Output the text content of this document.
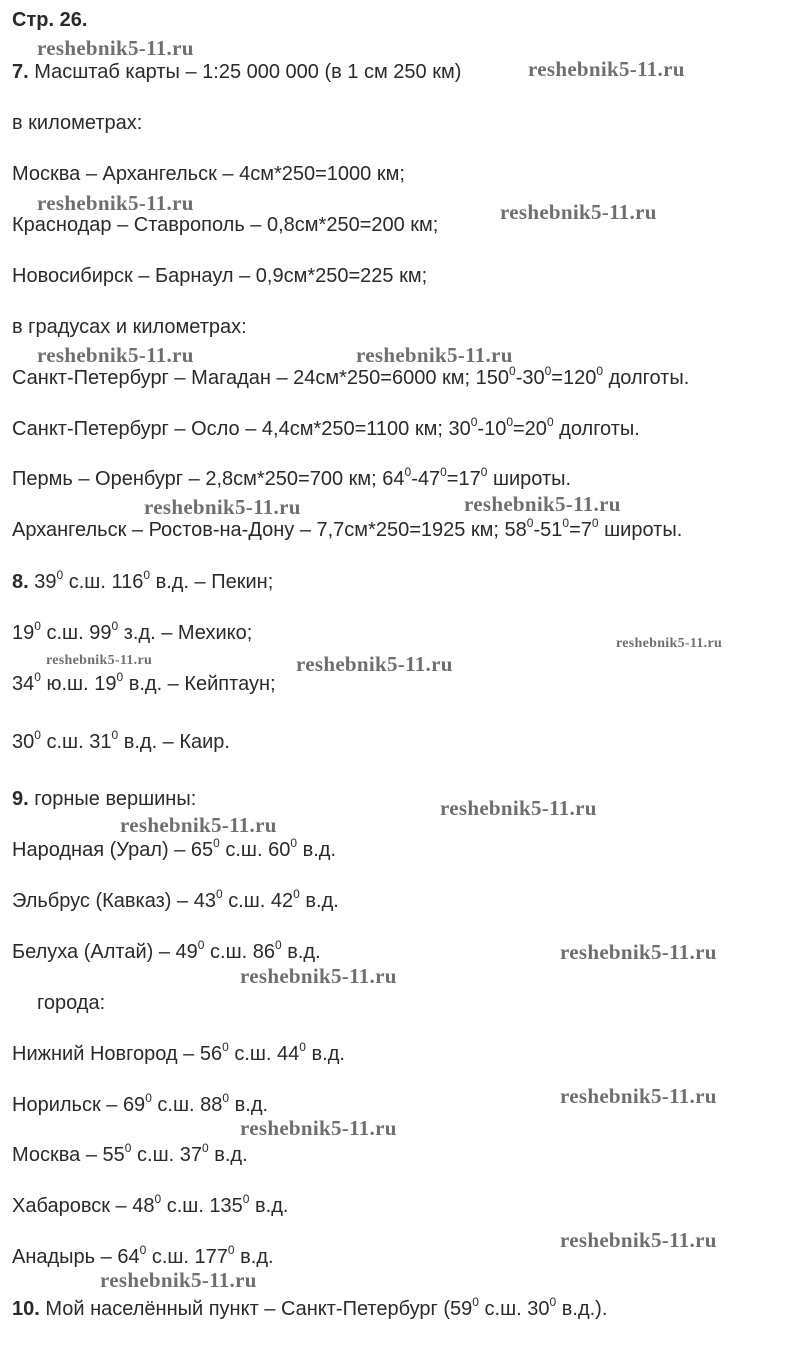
Стр. 26.
7. Масштаб карты – 1:25 000 000 (в 1 см 250 км)
в километрах:
Москва – Архангельск – 4см*250=1000 км;
Краснодар – Ставрополь – 0,8см*250=200 км;
Новосибирск – Барнаул – 0,9см*250=225 км;
в градусах и километрах:
Санкт-Петербург – Магадан – 24см*250=6000 км; $150^0-30^0=120^0$ долготы.
Санкт-Петербург – Осло – 4,4см*250=1100 км; $30^0-10^0=20^0$ долготы.
Пермь – Оренбург – 2,8см*250=700 км; $64^0-47^0=17^0$ широты.
Архангельск – Ростов-на-Дону – 7,7см*250=1925 км; $58^0-51^0=7^0$ широты.
8. $39^0$ с.ш. $116^0$ в.д. – Пекин;
$19^0$ с.ш. $99^0$ з.д. – Мехико;
$34^0$ ю.ш. $19^0$ в.д. – Кейптаун;
$30^0$ с.ш. $31^0$ в.д. – Каир.
9. горные вершины:
Народная (Урал) – $65^0$ с.ш. $60^0$ в.д.
Эльбрус (Кавказ) – $43^0$ с.ш. $42^0$ в.д.
Белуха (Алтай) – $49^0$ с.ш. $86^0$ в.д.
города:
Нижний Новгород – $56^0$ с.ш. $44^0$ в.д.
Норильск – $69^0$ с.ш. $88^0$ в.д.
Москва – $55^0$ с.ш. $37^0$ в.д.
Хабаровск – $48^0$ с.ш. $135^0$ в.д.
Анадырь – $64^0$ с.ш. $177^0$ в.д.
10. Мой населённый пункт – Санкт-Петербург ($59^0$ с.ш. $30^0$ в.д.).
reshebnik5-11.ru
reshebnik5-11.ru
reshebnik5-11.ru	reshebnik5-11.ru
reshebnik5-11.ru	reshebnik5-11.ru
reshebnik5-11.ru	reshebnik5-11.ru
reshebnik5-11.ru
reshebnik5-11.ru	reshebnik5-11.ru
reshebnik5-11.ru
reshebnik5-11.ru
reshebnik5-11.ru
reshebnik5-11.ru
reshebnik5-11.ru
reshebnik5-11.ru
reshebnik5-11.ru
reshebnik5-11.ru
